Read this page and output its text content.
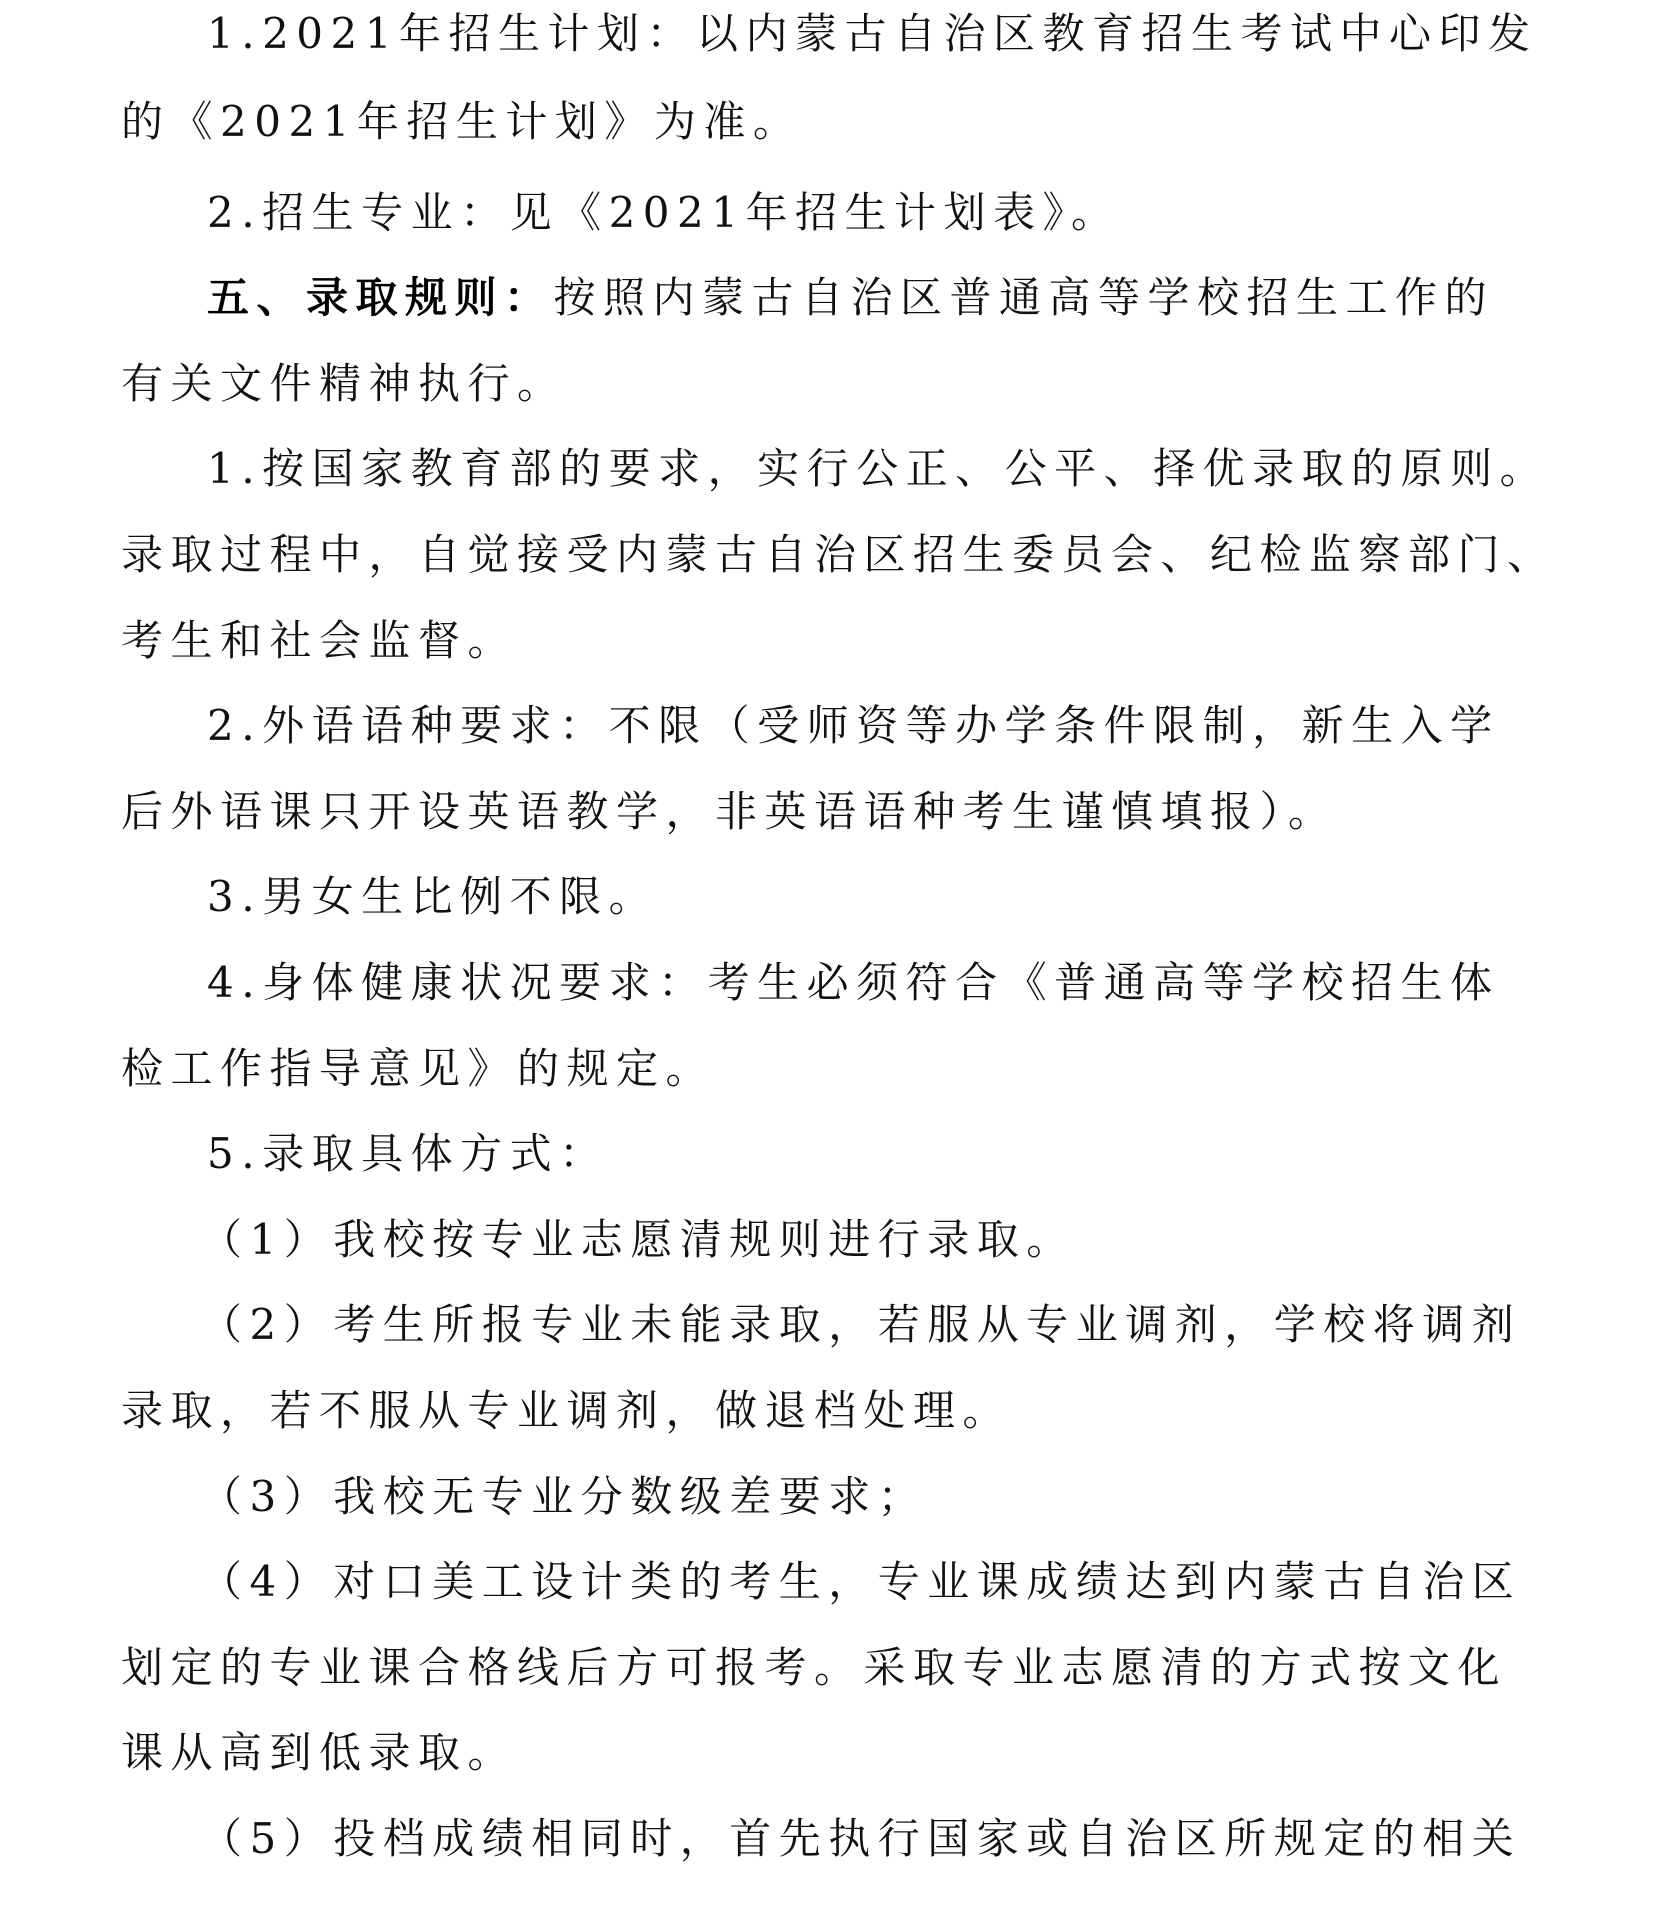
1.2021年招生计划：以内蒙古自治区教育招生考试中心印发
的《2021年招生计划》为准。
2.招生专业：见《2021年招生计划表》。
五、录取规则：按照内蒙古自治区普通高等学校招生工作的
有关文件精神执行。
1.按国家教育部的要求，实行公正、公平、择优录取的原则。
录取过程中，自觉接受内蒙古自治区招生委员会、纪检监察部门、
考生和社会监督。
2.外语语种要求：不限（受师资等办学条件限制，新生入学
后外语课只开设英语教学，非英语语种考生谨慎填报）。
3.男女生比例不限。
4.身体健康状况要求：考生必须符合《普通高等学校招生体
检工作指导意见》的规定。
5.录取具体方式：
（1）我校按专业志愿清规则进行录取。
（2）考生所报专业未能录取，若服从专业调剂，学校将调剂
录取，若不服从专业调剂，做退档处理。
（3）我校无专业分数级差要求；
（4）对口美工设计类的考生，专业课成绩达到内蒙古自治区
划定的专业课合格线后方可报考。采取专业志愿清的方式按文化
课从高到低录取。
（5）投档成绩相同时，首先执行国家或自治区所规定的相关
